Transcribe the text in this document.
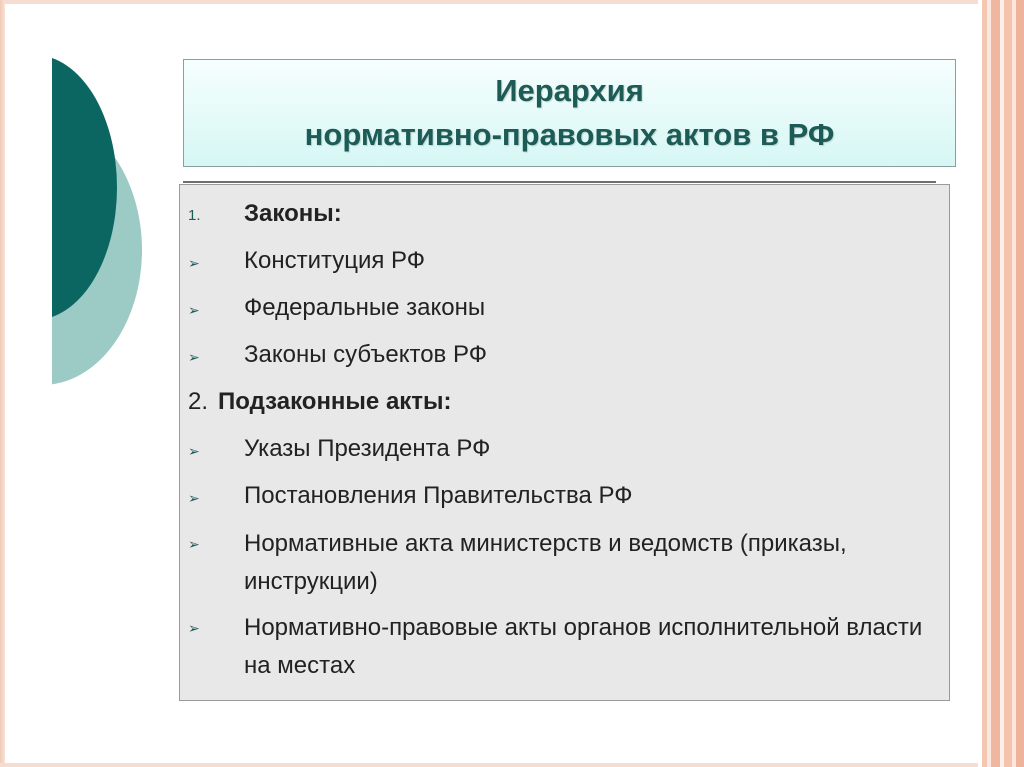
Иерархия
нормативно-правовых актов в РФ
1. Законы:
➢ Конституция РФ
➢ Федеральные законы
➢ Законы субъектов РФ
2. Подзаконные акты:
➢ Указы Президента РФ
➢ Постановления Правительства РФ
➢ Нормативные акта министерств и ведомств (приказы, инструкции)
➢ Нормативно-правовые акты органов исполнительной власти на местах
